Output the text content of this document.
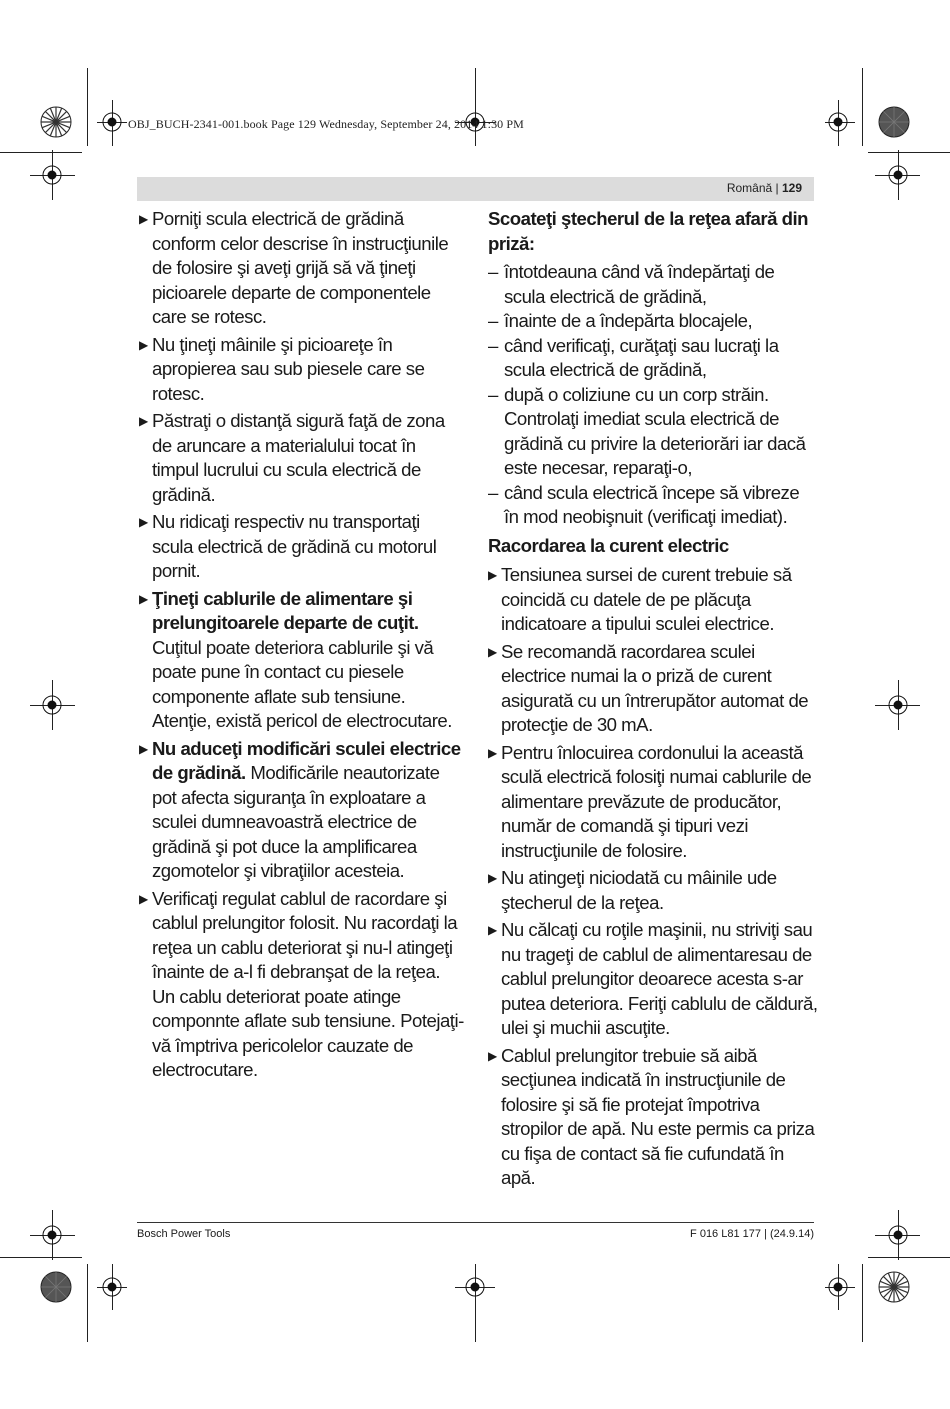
OBJ_BUCH-2341-001.book Page 129 Wednesday, September 24, 2014 1:30 PM
Română | 129
▶ Porniţi scula electrică de grădină conform celor descrise în instrucţiunile de folosire şi aveţi grijă să vă ţineţi picioarele departe de componentele care se rotesc.
▶ Nu ţineţi mâinile şi picioareţe în apropierea sau sub piesele care se rotesc.
▶ Păstraţi o distanţă sigură faţă de zona de aruncare a materialului tocat în timpul lucrului cu scula electrică de grădină.
▶ Nu ridicaţi respectiv nu transportaţi scula electrică de grădină cu motorul pornit.
▶ Ţineţi cablurile de alimentare şi prelungitoarele departe de cuţit. Cuţitul poate deteriora cablurile şi vă poate pune în contact cu piesele componente aflate sub tensiune. Atenţie, există pericol de electrocutare.
▶ Nu aduceţi modificări sculei electrice de grădină. Modificările neautorizate pot afecta siguranţa în exploatare a sculei dumneavoastră electrice de grădină şi pot duce la amplificarea zgomotelor şi vibraţiilor acesteia.
▶ Verificaţi regulat cablul de racordare şi cablul prelungitor folosit. Nu racordaţi la reţea un cablu deteriorat şi nu-l atingeţi înainte de a-l fi debranşat de la reţea. Un cablu deteriorat poate atinge componnte aflate sub tensiune. Potejaţi-vă împtriva pericolelor cauzate de electrocutare.
Scoateţi ştecherul de la reţea afară din priză:
– întotdeauna când vă îndepărtaţi de scula electrică de grădină,
– înainte de a îndepărta blocajele,
– când verificaţi, curăţaţi sau lucraţi la scula electrică de grădină,
– după o coliziune cu un corp străin. Controlaţi imediat scula electrică de grădină cu privire la deteriorări iar dacă este necesar, reparaţi-o,
– când scula electrică începe să vibreze în mod neobişnuit (verificaţi imediat).
Racordarea la curent electric
▶ Tensiunea sursei de curent trebuie să coincidă cu datele de pe plăcuţa indicatoare a tipului sculei electrice.
▶ Se recomandă racordarea sculei electrice numai la o priză de curent asigurată cu un întrerupător automat de protecţie de 30 mA.
▶ Pentru înlocuirea cordonului la această sculă electrică folosiţi numai cablurile de alimentare prevăzute de producător, număr de comandă şi tipuri vezi instrucţiunile de folosire.
▶ Nu atingeţi niciodată cu mâinile ude ştecherul de la reţea.
▶ Nu călcaţi cu roţile maşinii, nu striviţi sau nu trageţi de cablul de alimentaresau de cablul prelungitor deoarece acesta s-ar putea deteriora. Feriţi cablulu de căldură, ulei şi muchii ascuţite.
▶ Cablul prelungitor trebuie să aibă secţiunea indicată în instrucţiunile de folosire şi să fie protejat împotriva stropilor de apă. Nu este permis ca priza cu fişa de contact să fie cufundată în apă.
Bosch Power Tools	F 016 L81 177 | (24.9.14)
